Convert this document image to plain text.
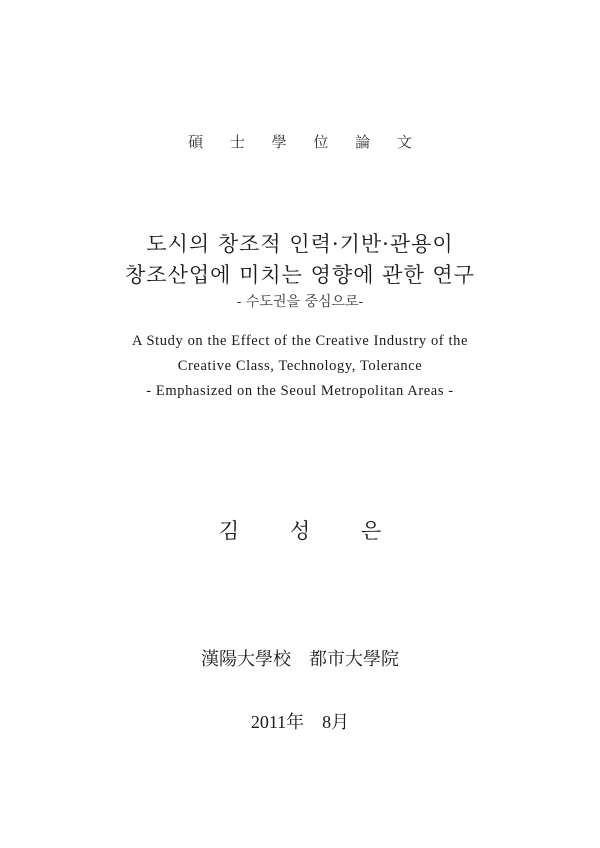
碩 士 學 位 論 文
도시의 창조적 인력·기반·관용이
창조산업에 미치는 영향에 관한 연구
- 수도권을 중심으로-
A Study on the Effect of the Creative Industry of the
Creative Class, Technology, Tolerance
- Emphasized on the Seoul Metropolitan Areas -
김 성 은
漢陽大學校　都市大學院
2011年　8月
